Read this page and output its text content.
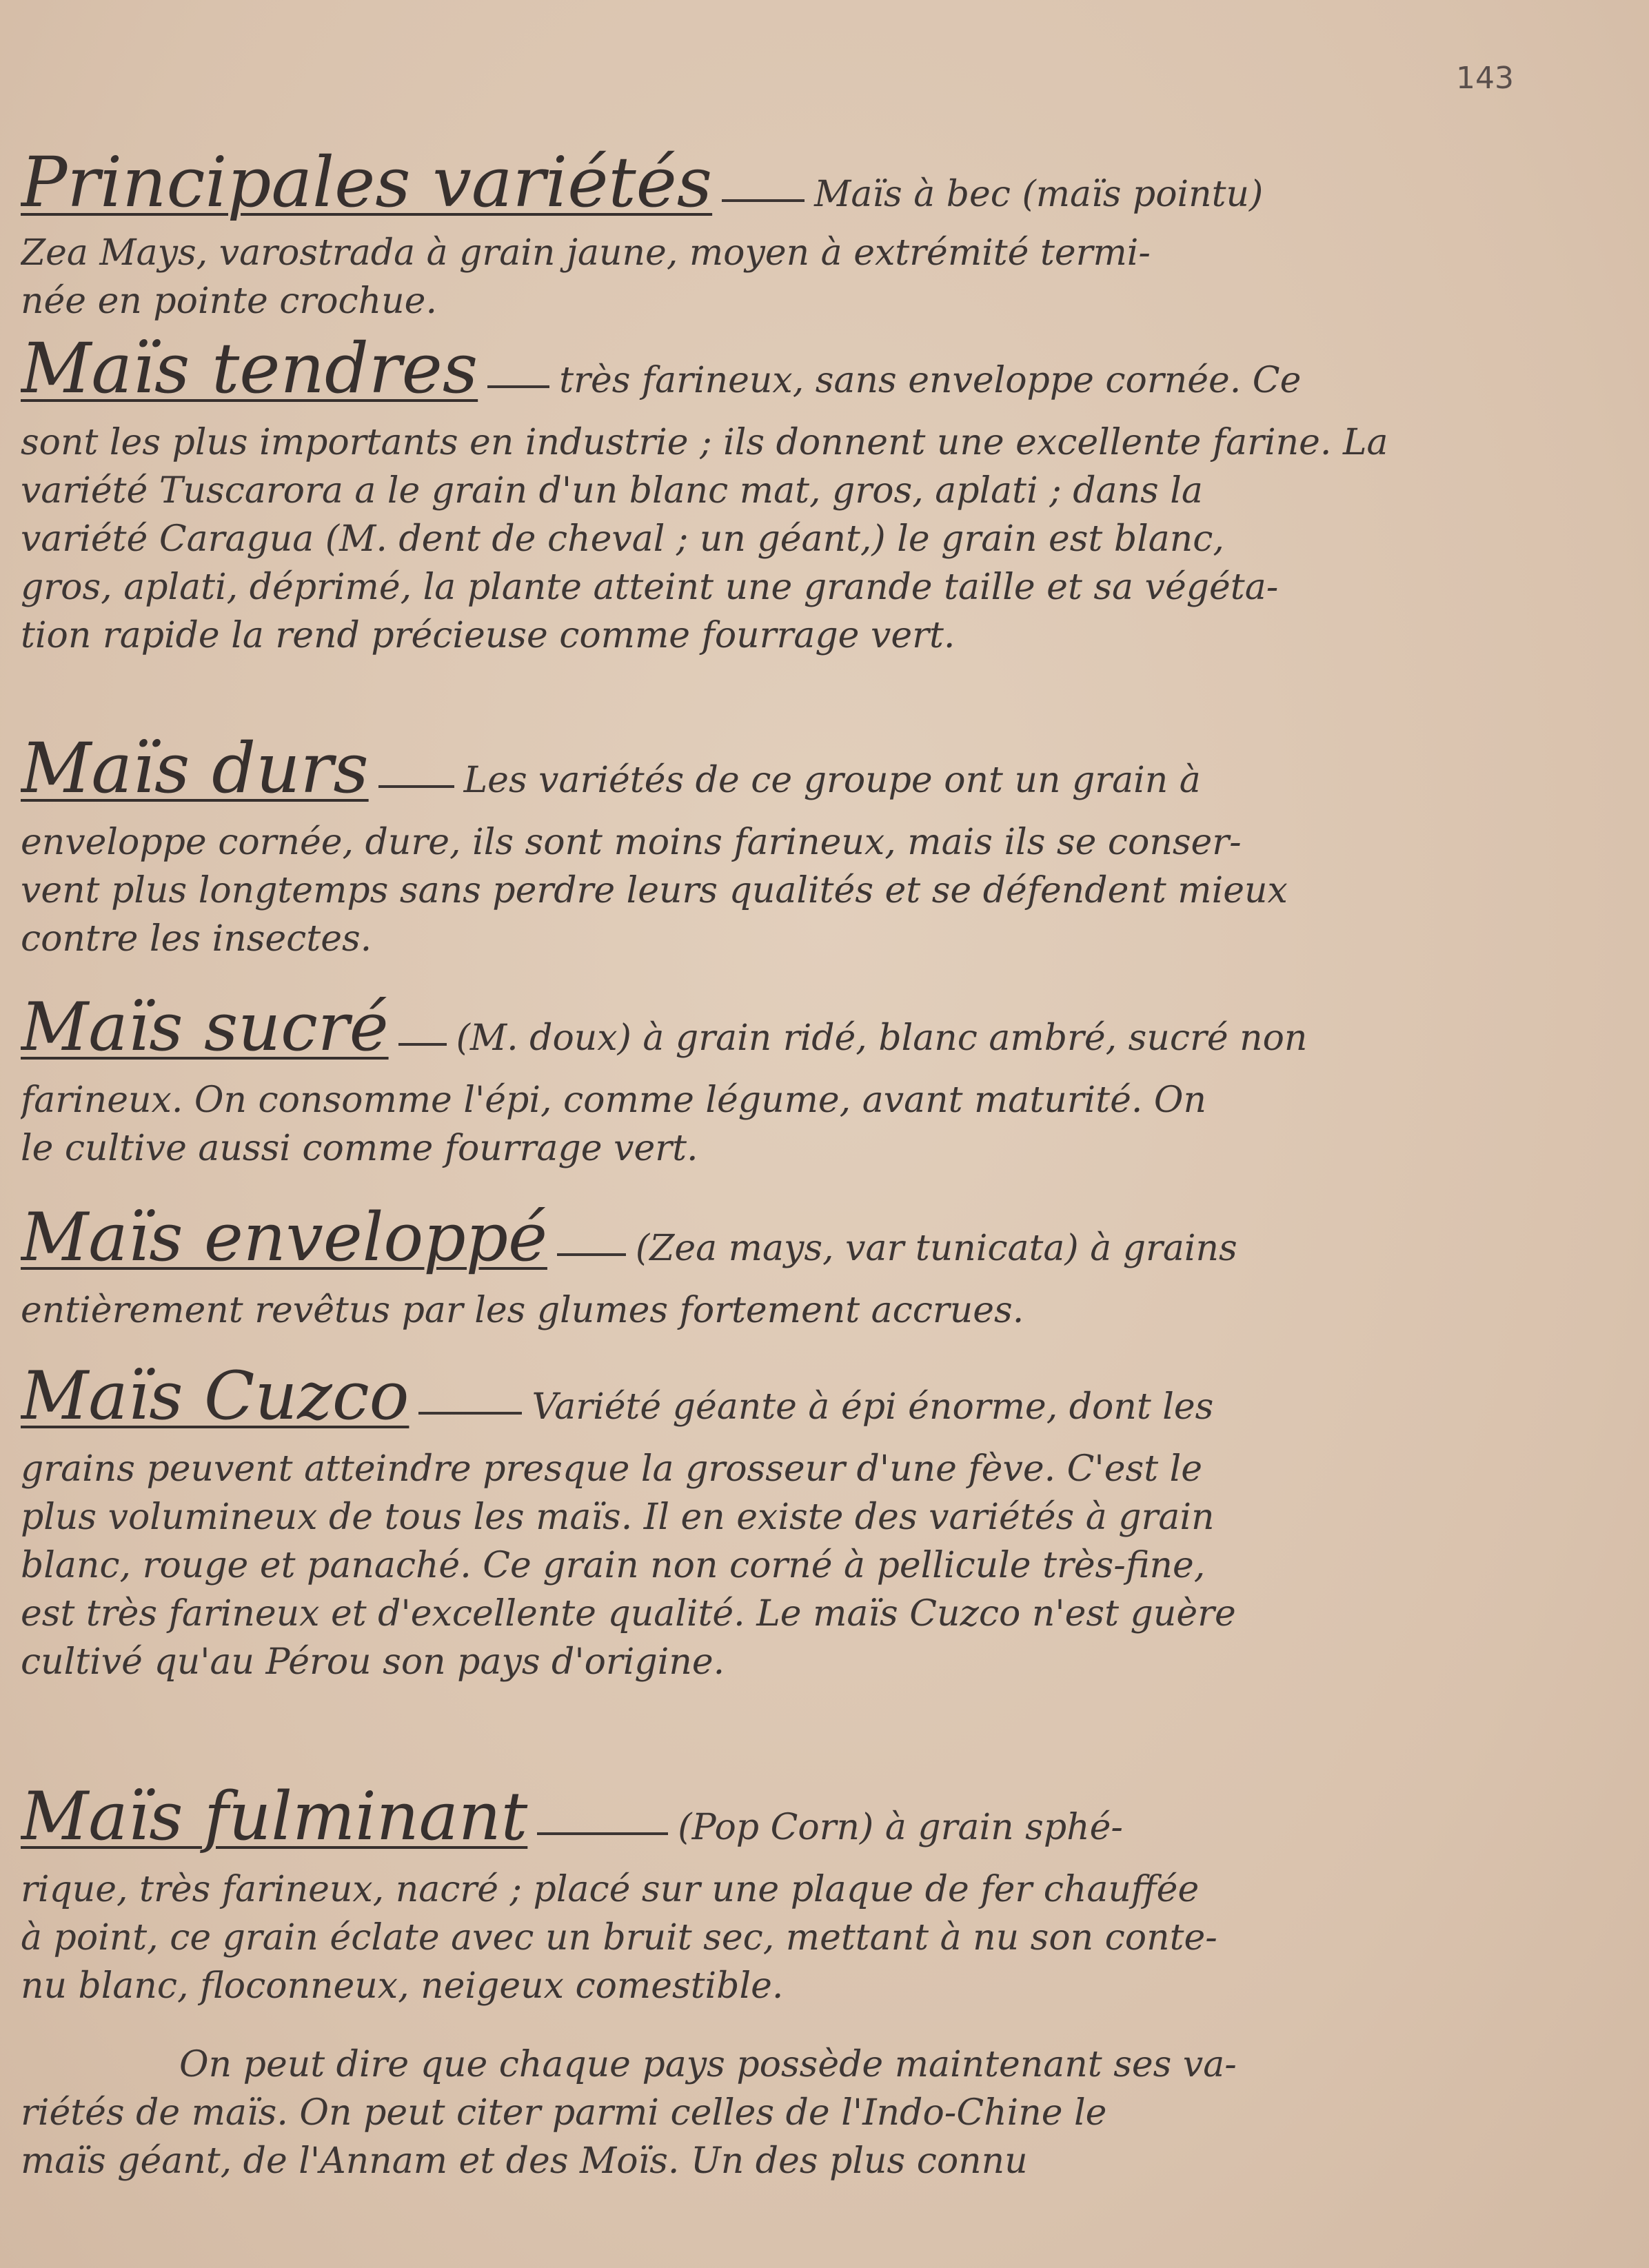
143
Principales variétés	Maïs à bec (maïs pointu)
Zea Mays, varostrada à grain jaune, moyen à extrémité termi-
née en pointe crochue.
Maïs tendres très farineux, sans enveloppe cornée. Ce
sont les plus importants en industrie ; ils donnent une excellente farine. La
variété Tuscarora a le grain d'un blanc mat, gros, aplati ; dans la
variété Caragua (M. dent de cheval ; un géant,) le grain est blanc,
gros, aplati, déprimé, la plante atteint une grande taille et sa végéta-
tion rapide la rend précieuse comme fourrage vert.
Maïs durs	Les variétés de ce groupe ont un grain à
enveloppe cornée, dure, ils sont moins farineux, mais ils se conser-
vent plus longtemps sans perdre leurs qualités et se défendent mieux
contre les insectes.
Maïs sucré (M. doux) à grain ridé, blanc ambré, sucré non
farineux. On consomme l'épi, comme légume, avant maturité. On
le cultive aussi comme fourrage vert.
Maïs enveloppé (Zea mays, var tunicata) à grains
entièrement revêtus par les glumes fortement accrues.
Maïs Cuzco	Variété géante à épi énorme, dont les
grains peuvent atteindre presque la grosseur d'une fève. C'est le
plus volumineux de tous les maïs. Il en existe des variétés à grain
blanc, rouge et panaché. Ce grain non corné à pellicule très-fine,
est très farineux et d'excellente qualité. Le maïs Cuzco n'est guère
cultivé qu'au Pérou son pays d'origine.
Maïs fulminant	(Pop Corn) à grain sphé-
rique, très farineux, nacré ; placé sur une plaque de fer chauffée
à point, ce grain éclate avec un bruit sec, mettant à nu son conte-
nu blanc, floconneux, neigeux comestible.
On peut dire que chaque pays possède maintenant ses va-
riétés de maïs. On peut citer parmi celles de l'Indo-Chine le
maïs géant, de l'Annam et des Moïs. Un des plus connu
